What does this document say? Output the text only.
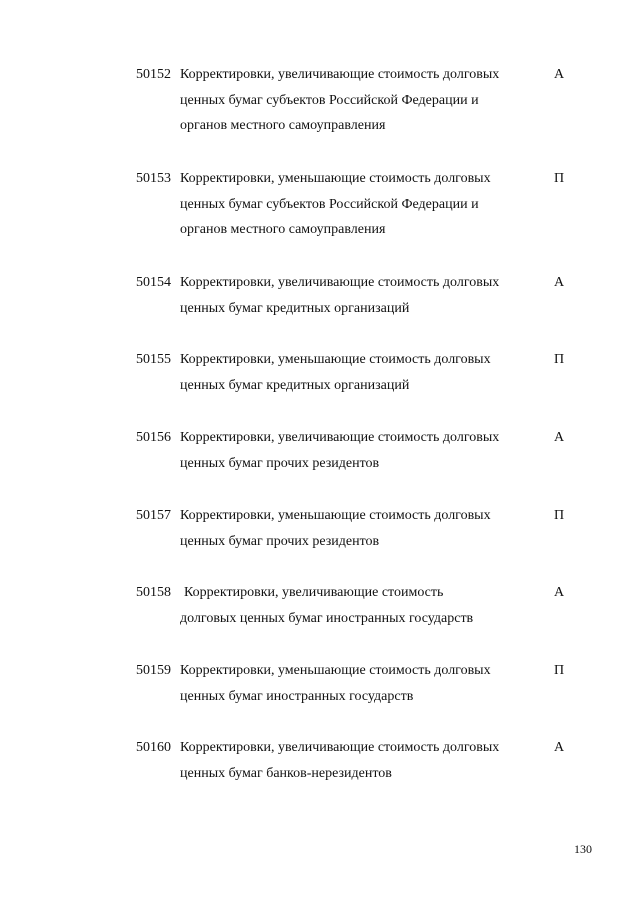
50152 Корректировки, увеличивающие стоимость долговых
ценных бумаг субъектов Российской Федерации и
органов местного самоуправления
А
50153 Корректировки, уменьшающие стоимость долговых
ценных бумаг субъектов Российской Федерации и
органов местного самоуправления
П
50154 Корректировки, увеличивающие стоимость долговых
ценных бумаг кредитных организаций
А
50155 Корректировки, уменьшающие стоимость долговых
ценных бумаг кредитных организаций
П
50156 Корректировки, увеличивающие стоимость долговых
ценных бумаг прочих резидентов
А
50157 Корректировки, уменьшающие стоимость долговых
ценных бумаг прочих резидентов
П
50158 Корректировки, увеличивающие стоимость
долговых ценных бумаг иностранных государств
А
50159 Корректировки, уменьшающие стоимость долговых
ценных бумаг иностранных государств
П
50160 Корректировки, увеличивающие стоимость долговых
ценных бумаг банков-нерезидентов
А
130
